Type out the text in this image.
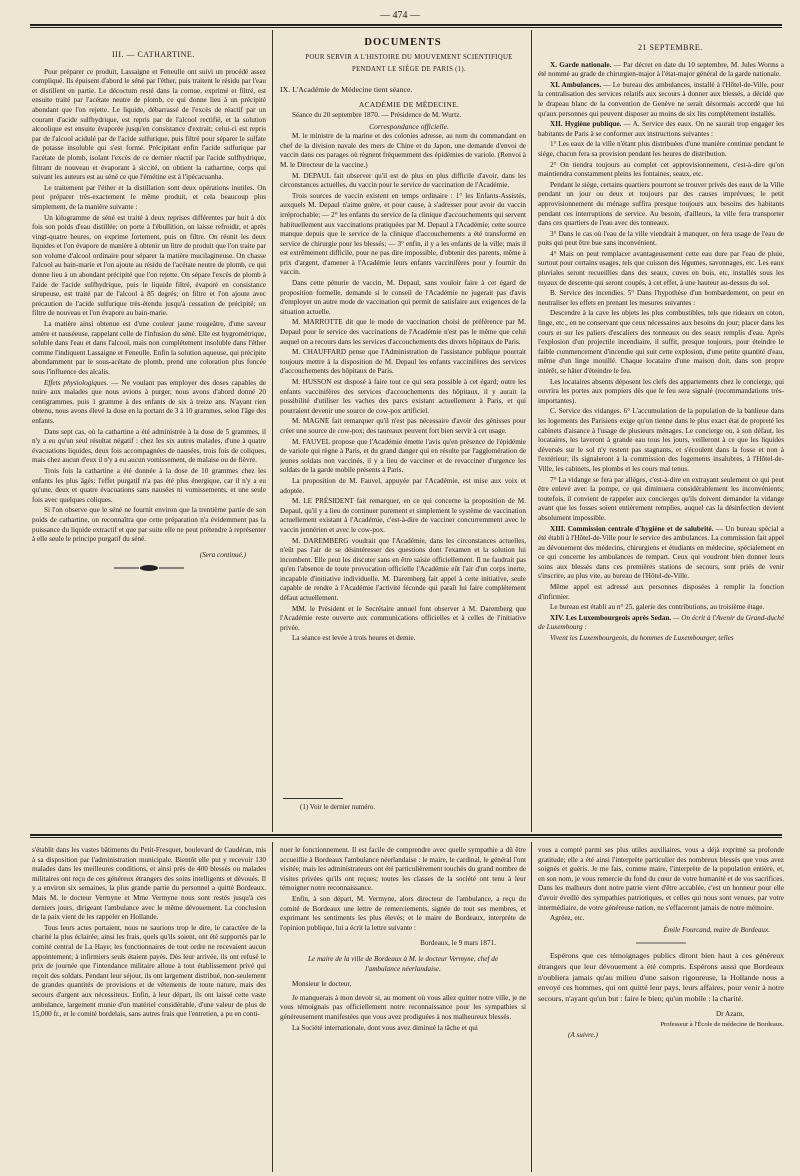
— 474 —

III. — CATHARTINE.

Pour préparer ce produit, Lassaigne et Feneulle ont suivi un procédé assez compliqué. Ils épuisent d'abord le séné par l'éther, puis traitent le résidu par l'eau et distillent en partie. Le décoctum resté dans la cornue, exprimé et filtré, est ensuite traité par l'acétate neutre de plomb, ce qui donne lieu à un précipité abondant que l'on rejette. Le liquide, débarrassé de l'excès de réactif par un courant d'acide sulfhydrique, est repris par de l'alcool rectifié, et la solution alcoolique est ensuite évaporée jusqu'en consistance d'extrait; celui-ci est repris par de l'alcool acidulé par de l'acide sulfurique, puis filtré pour séparer le sulfate de potasse insoluble qui s'est formé. Précipitant enfin l'acide sulfurique par l'acétate de plomb, isolant l'excès de ce dernier réactif par l'acide sulfhydrique, filtrant de nouveau et évaporant à siccité, on obtient la cathartine, corps qui suivant les auteurs est au séné ce que l'émétine est à l'ipécacuanha.

Le traitement par l'éther et la distillation sont deux opérations inutiles. On peut préparer très-exactement le même produit, et cela beaucoup plus simplement, de la manière suivante :

Un kilogramme de séné est traité à deux reprises différentes par huit à dix fois son poids d'eau distillée; on porte à l'ébullition, on laisse refroidir, et après vingt-quatre heures, on exprime fortement, puis on filtre. On réunit les deux liquides et l'on évapore de manière à obtenir un litre de produit que l'on traite par son volume d'alcool ordinaire pour séparer la matière mucilagineuse. On chasse l'alcool au bain-marie et l'on ajoute au résidu de l'acétate neutre de plomb, ce qui donne lieu à un abondant précipité que l'on rejette. On sépare l'excès de plomb à l'aide de l'acide sulfhydrique, puis le liquide filtré, évaporé en consistance sirupeuse, est traité par de l'alcool à 85 degrés; on filtre et l'on ajoute avec précaution de l'acide sulfurique très-étendu jusqu'à cessation de précipité; on filtre de nouveau et l'on évapore au bain-marie.

La matière ainsi obtenue est d'une couleur jaune rougeâtre, d'une saveur amère et nauséeuse, rappelant celle de l'infusion du séné. Elle est hygrométrique, soluble dans l'eau et dans l'alcool, mais non complétement insoluble dans l'éther comme l'indiquent Lassaigne et Feneulle. Enfin la solution aqueuse, qui précipite abondamment par le sous-acétate de plomb, prend une coloration plus foncée sous l'influence des alcalis.

Effets physiologiques. — Ne voulant pas employer des doses capables de nuire aux malades que nous avions à purger, nous avons d'abord donné 20 centigrammes, puis 1 gramme à des enfants de six à treize ans. N'ayant rien obtenu, nous avons élevé la dose en la portant de 3 à 10 grammes, selon l'âge des enfants.

Dans sept cas, où la cathartine a été administrée à la dose de 5 grammes, il n'y a eu qu'un seul résultat négatif : chez les six autres malades, d'une à quatre évacuations liquides, deux fois accompagnées de nausées, trois fois de coliques, mais chez aucun d'eux il n'y a eu aucun vomissement, de malaise ou de fièvre.

Trois fois la cathartine a été donnée à la dose de 10 grammes chez les enfants les plus âgés: l'effet purgatif n'a pas été plus énergique, car il n'y a eu qu'une, deux et quatre évacuations sans nausées ni vomissements, et une seule fois avec quelques coliques.

Si l'on observe que le séné ne fournit environ que la trentième partie de son poids de cathartine, on reconnaîtra que cette préparation n'a évidemment pas la puissance du liquide extractif et que par suite elle ne peut prétendre à représenter à elle seule le principe purgatif du séné.

(Sera continué.)

DOCUMENTS

POUR SERVIR A L'HISTOIRE DU MOUVEMENT SCIENTIFIQUE

PENDANT LE SIÉGE DE PARIS (1).

IX. L'Académie de Médecine tient séance.

ACADÉMIE DE MÉDECINE.

Séance du 20 septembre 1870. — Présidence de M. Wurtz.

Correspondance officielle.

M. le ministre de la marine et des colonies adresse, au nom du commandant en chef de la division navale des mers de Chine et du Japon, une demande d'envoi de vaccin dans ces parages où règnent fréquemment des épidémies de variole. (Renvoi à M. le Directeur de la vaccine.)

M. DEPAUL fait observer qu'il est de plus en plus difficile d'avoir, dans les circonstances actuelles, du vaccin pour le service de vaccination de l'Académie.

Trois sources de vaccin existent en temps ordinaire : 1° les Enfants-Assistés, auxquels M. Depaul n'aime guère, et pour cause, à s'adresser pour avoir du vaccin irréprochable; — 2° les enfants du service de la clinique d'accouchements qui servent habituellement aux vaccinations pratiquées par M. Depaul à l'Académie; cette source manque depuis que le service de la clinique d'accouchements a été transformé en service de chirurgie pour les blessés; — 3° enfin, il y a les enfants de la ville; mais il est extrêmement difficile, pour ne pas dire impossible, d'obtenir des parents, même à prix d'argent, d'amener à l'Académie leurs enfants vaccinifères pour y fournir du vaccin.

Dans cette pénurie de vaccin, M. Depaul, sans vouloir faire à cet égard de proposition formelle, demande si le conseil de l'Académie ne jugerait pas d'avis d'employer un autre mode de vaccination qui permit de satisfaire aux exigences de la situation actuelle.

M. MARROTTE dit que le mode de vaccination choisi de préférence par M. Depaul pour le service des vaccinations de l'Académie n'est pas le même que celui auquel on a recours dans les services d'accouchements des divers hôpitaux de Paris.

M. CHAUFFARD pense que l'Administration de l'assistance publique pourrait toujours mettre à la disposition de M. Depaul les enfants vaccinifères des services d'accouchements des hôpitaux de Paris.

M. HUSSON est disposé à faire tout ce qui sera possible à cet égard; outre les enfants vaccinifères des services d'accouchements des hôpitaux, il y aurait la possibilité d'utiliser les vaches des parcs existant actuellement à Paris, et qui pourraient devenir une source de cow-pox artificiel.

M. MAGNE fait remarquer qu'il n'est pas nécessaire d'avoir des génisses pour créer une source de cow-pox; des taureaux peuvent fort bien servir à cet usage.

M. FAUVEL propose que l'Académie émette l'avis qu'en présence de l'épidémie de variole qui règne à Paris, et du grand danger qui en résulte par l'agglomération de jeunes soldats non vaccinés, il y a lieu de vacciner et de revacciner d'urgence les soldats de la garde mobile présents à Paris.

La proposition de M. Fauvel, appuyée par l'Académie, est mise aux voix et adoptée.

M. LE PRÉSIDENT fait remarquer, en ce qui concerne la proposition de M. Depaul, qu'il y a lieu de continuer purement et simplement le système de vaccination actuellement existant à l'Académie, c'est-à-dire de vacciner concurremment avec le vaccin jennérien et avec le cow-pox.

M. DAREMBERG voudrait que l'Académie, dans les circonstances actuelles, n'eût pas l'air de se désintéresser des questions dont l'examen et la solution lui incombent. Elle peut les discuter sans en être saisie officiellement. Il ne faudrait pas qu'en l'absence de toute provocation officielle l'Académie eût l'air d'un corps inerte, incapable d'initiative individuelle. M. Daremberg fait appel à cette initiative, seule capable de rendre à l'Académie l'activité féconde qui paraît lui faire complétement défaut actuellement.

MM. le Président et le Secrétaire annuel font observer à M. Daremberg que l'Académie reste ouverte aux communications officielles et à celles de l'initiative privée.

La séance est levée à trois heures et demie.

(1) Voir le dernier numéro.

21 SEPTEMBRE.

X. Garde nationale. — Par décret en date du 10 septembre, M. Jules Worms a été nommé au grade de chirurgien-major à l'état-major général de la garde nationale.

XI. Ambulances. — Le bureau des ambulances, installé à l'Hôtel-de-Ville, pour la centralisation des services relatifs aux secours à donner aux blessés, a décidé que le drapeau blanc de la convention de Genève ne serait désormais accordé que lui qu'aux personnes qui peuvent disposer au moins de six lits complétement installés.

XII. Hygiène publique. — A. Service des eaux. On ne saurait trop engager les habitants de Paris à se conformer aux instructions suivantes :

1° Les eaux de la ville n'étant plus distribuées d'une manière continue pendant le siége, chacun fera sa provision pendant les heures de distribution.

2° On tiendra toujours au complet cet approvisionnement, c'est-à-dire qu'on maintiendra constamment pleins les fontaines, seaux, etc.

Pendant le siége, certains quartiers pourront se trouver privés des eaux de la Ville pendant un jour ou deux et toujours par des causes imprévues; le petit approvisionnement du ménage suffira presque toujours aux besoins des habitants pendant ces interruptions de service. Au besoin, d'ailleurs, la ville fera transporter dans ces quartiers de l'eau avec des tonneaux.

3° Dans le cas où l'eau de la ville viendrait à manquer, on fera usage de l'eau de puits qui peut être bue sans inconvénient.

4° Mais on peut remplacer avantageusement cette eau dure par l'eau de pluie, surtout pour certains usages, tels que cuisson des légumes, savonnages, etc. Les eaux pluviales seront recueillies dans des seaux, cuves en bois, etc, installés sous les tuyaux de descente qui seront coupés, à cet effet, à une hauteur au-dessus du sol.

B. Service des incendies. 5° Dans l'hypothèse d'un bombardement, on peut en neutraliser les effets en prenant les mesures suivantes :

Descendre à la cave les objets les plus combustibles, tels que rideaux en coton, linge, etc., en ne conservant que ceux nécessaires aux besoins du jour; placer dans les cours et sur les paliers d'escaliers des tonneaux ou des seaux remplis d'eau. Après l'explosion d'un projectile incendiaire, il suffit, presque toujours, pour éteindre le faible commencement d'incendie qui suit cette explosion, d'une petite quantité d'eau, même d'un linge mouillé. Chaque locataire d'une maison doit, dans son propre intérêt, se hâter d'éteindre le feu.

Les locataires absents déposent les clefs des appartements chez le concierge, qui ouvrira les portes aux pompiers dès que le feu sera signalé (recommandations très-importantes).

C. Service des vidanges. 6° L'accumulation de la population de la banlieue dans les logements des Parisiens exige qu'on tienne dans le plus exact état de propreté les cabinets d'aisance à l'usage de plusieurs ménages. Le concierge ou, à son défaut, les locataires, les laveront à grande eau tous les jours, veilleront à ce que les liquides déversés sur le sol n'y restent pas stagnants, et s'écoulent dans la fosse et non à l'extérieur; ils signaleront à la commission des logements insalubres, à l'Hôtel-de-Ville, les cabinets, les plombs et les cours mal tenus.

7° La vidange se fera par alléges, c'est-à-dire en extrayant seulement ce qui peut être enlevé avec la pompe, ce qui diminuera considérablement les inconvénients; toutefois, il convient de rappeler aux concierges qu'ils doivent demander la vidange avant que les fosses soient entièrement remplies, auquel cas la désinfection devient absolument impossible.

XIII. Commission centrale d'hygiène et de salubrité. — Un bureau spécial a été établi à l'Hôtel-de-Ville pour le service des ambulances. La commission fait appel au dévouement des médecins, chirurgiens et étudiants en médecine, spécialement en ce qui concerne les ambulances de rempart. Ceux qui voudront bien donner leurs soins aux blessés dans ces premières stations de secours, sont priés de venir s'inscrire, au plus vite, au bureau de l'Hôtel-de-Ville.

Même appel est adressé aux personnes disposées à remplir la fonction d'infirmier.

Le bureau est établi au n° 25, galerie des contributions, au troisième étage.

XIV. Les Luxembourgeois après Sedan. — On écrit à l'Avenir du Grand-duché de Luxembourg :

Vivent les Luxembourgeois, du hommes de Luxembourger, telles

s'établit dans les vastes bâtiments du Petit-Fresquet, boulevard de Caudéran, mis à sa disposition par l'administration municipale. Bientôt elle put y recevoir 130 malades dans les meilleures conditions, et ainsi près de 400 blessés ou malades militaires ont reçu de ces généreux étrangers des soins intelligents et dévoués. Il y a environ six semaines, la plus grande partie du personnel a quitté Bordeaux. Mais M. le docteur Vermyne et Mme Vermyne nous sont restés jusqu'à ces derniers jours, dirigeant l'ambulance avec le même dévouement. La conclusion de la paix vient de les rappeler en Hollande.

Tous leurs actes portaient, nous ne saurions trop le dire, le caractère de la charité la plus éclairée; ainsi les frais, quels qu'ils soient, ont été supportés par le comité central de La Haye; les fonctionnaires de tout ordre ne recevaient aucun appointement; à infirmiers seuls étaient payés. Dès leur arrivée, ils ont refusé le prix de journée que l'intendance militaire alloue à tout établissement privé qui reçoit des soldats. Pendant leur séjour, ils ont largement distribué, non-seulement de grandes quantités de provisions et de vêtements de toute nature, mais des secours d'argent aux nécessiteux. Enfin, à leur départ, ils ont laissé cette vaste ambulance, largement munie d'un matériel considérable, d'une valeur de plus de 15,000 fr., et le comité bordelais, sans autres frais que l'entretien, a pu en conti-

nuer le fonctionnement. Il est facile de comprendre avec quelle sympathie a dû être accueillie à Bordeaux l'ambulance néerlandaise : le maire, le cardinal, le général l'ont visitée; mais les administrateurs ont été particulièrement touchés du grand nombre de visites privées qu'ils ont reçues; toutes les classes de la société ont tenu à leur témoigner notre reconnaissance.

Enfin, à son départ, M. Vermyne, alors directeur de l'ambulance, a reçu du comité de Bordeaux une lettre de remerciements, signée de tout ses membres, et exprimant les sentiments les plus élevés; et le maire de Bordeaux, interprète de l'opinion publique, lui a écrit la lettre suivante :

Bordeaux, le 9 mars 1871.

Le maire de la ville de Bordeaux à M. le docteur Vermyne, chef de l'ambulance néerlandaise.

Monsieur le docteur,

Je manquerais à mon devoir si, au moment où vous allez quitter notre ville, je ne vous témoignais pas officiellement notre reconnaissance pour les sympathies si généreusement manifestées que vous avez prodiguées à nos malheureux blessés.

La Société internationale, dont vous avez diminué la tâche et qui

vous a compté parmi ses plus utiles auxiliaires, vous a déjà exprimé sa profonde gratitude; elle a été ainsi l'interprète particulier des nombreux blessés que vous avez soignés et guéris. Je me fais, comme maire, l'interprète de la population entière, et, en son nom, je vous remercie du fond du cœur de votre humanité et de vos sacrifices. Dans les malheurs dont notre patrie vient d'être accablée, c'est un honneur pour elle d'avoir éveillé des sympathies patriotiques, et celles qui nous sont venues, par votre intermédiaire, de votre généreuse nation, ne s'effaceront jamais de notre mémoire.

Agréez, etc.

Émile Fourcand, maire de Bordeaux.

Espérons que ces témoignages publics diront bien haut à ces généreux étrangers que leur dévouement a été compris. Espérons aussi que Bordeaux n'oubliera jamais qu'au milieu d'une saison rigoureuse, la Hollande nous a envoyé ces hommes, qui ont quitté leur pays, leurs affaires, pour venir à notre secours, n'ayant qu'un but : faire le bien; qu'un mobile : la charité.

Dr Azam,

Professeur à l'École de médecine de Bordeaux.

(A suivre.)
